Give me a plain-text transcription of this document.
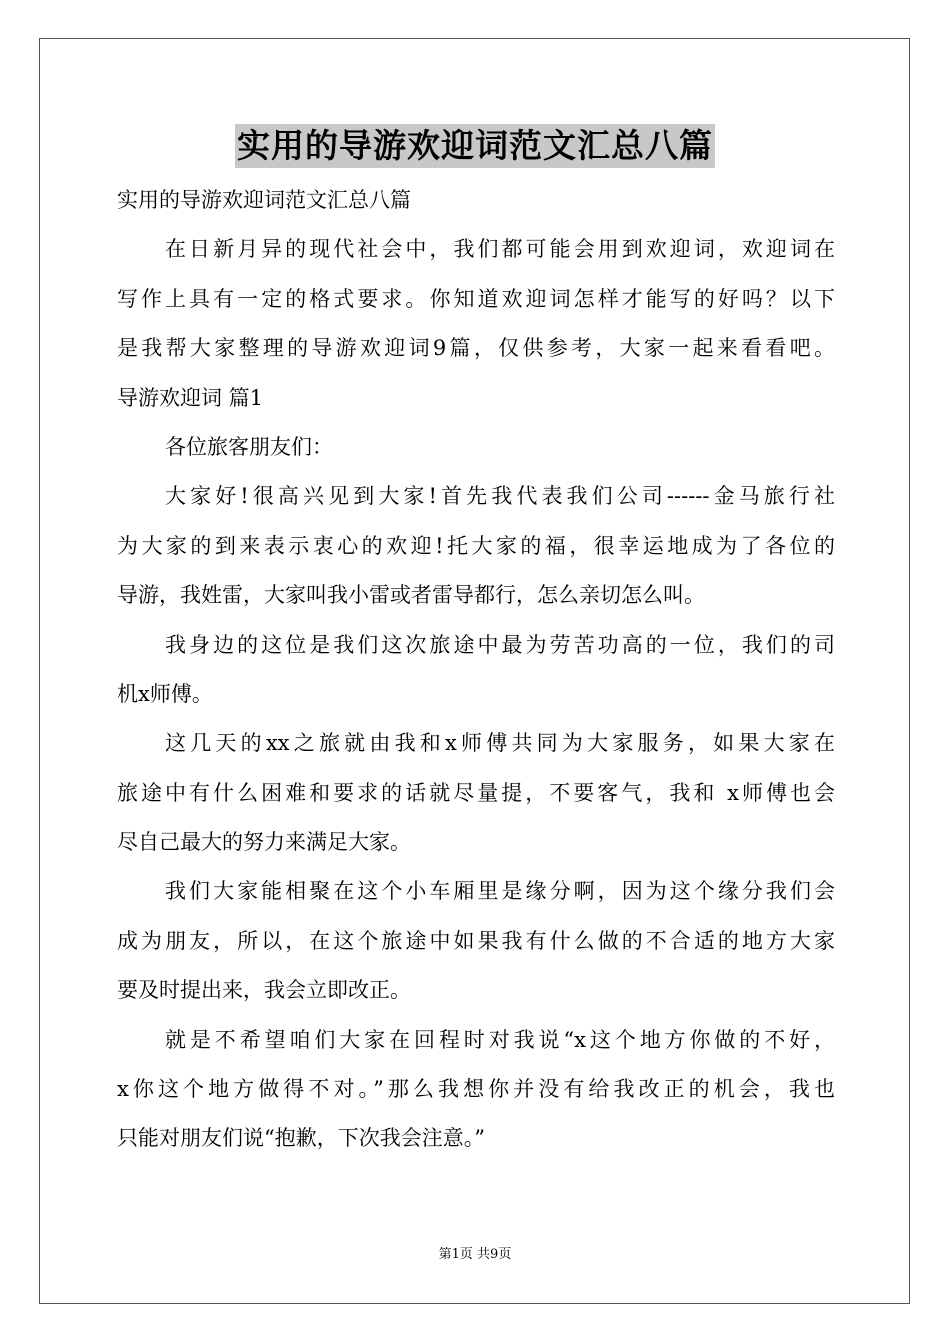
实用的导游欢迎词范文汇总八篇
实用的导游欢迎词范文汇总八篇
在日新月异的现代社会中，我们都可能会用到欢迎词，欢迎词在
写作上具有一定的格式要求。你知道欢迎词怎样才能写的好吗？以下
是我帮大家整理的导游欢迎词9篇，仅供参考，大家一起来看看吧。
导游欢迎词 篇1
各位旅客朋友们：
大家好!很高兴见到大家!首先我代表我们公司------金马旅行社
为大家的到来表示衷心的欢迎!托大家的福，很幸运地成为了各位的
导游，我姓雷，大家叫我小雷或者雷导都行，怎么亲切怎么叫。
我身边的这位是我们这次旅途中最为劳苦功高的一位，我们的司
机x师傅。
这几天的xx之旅就由我和x师傅共同为大家服务，如果大家在
旅途中有什么困难和要求的话就尽量提，不要客气，我和 x师傅也会
尽自己最大的努力来满足大家。
我们大家能相聚在这个小车厢里是缘分啊，因为这个缘分我们会
成为朋友，所以，在这个旅途中如果我有什么做的不合适的地方大家
要及时提出来，我会立即改正。
就是不希望咱们大家在回程时对我说“x这个地方你做的不好，
x你这个地方做得不对。”那么我想你并没有给我改正的机会，我也
只能对朋友们说“抱歉，下次我会注意。”
第1页 共9页
